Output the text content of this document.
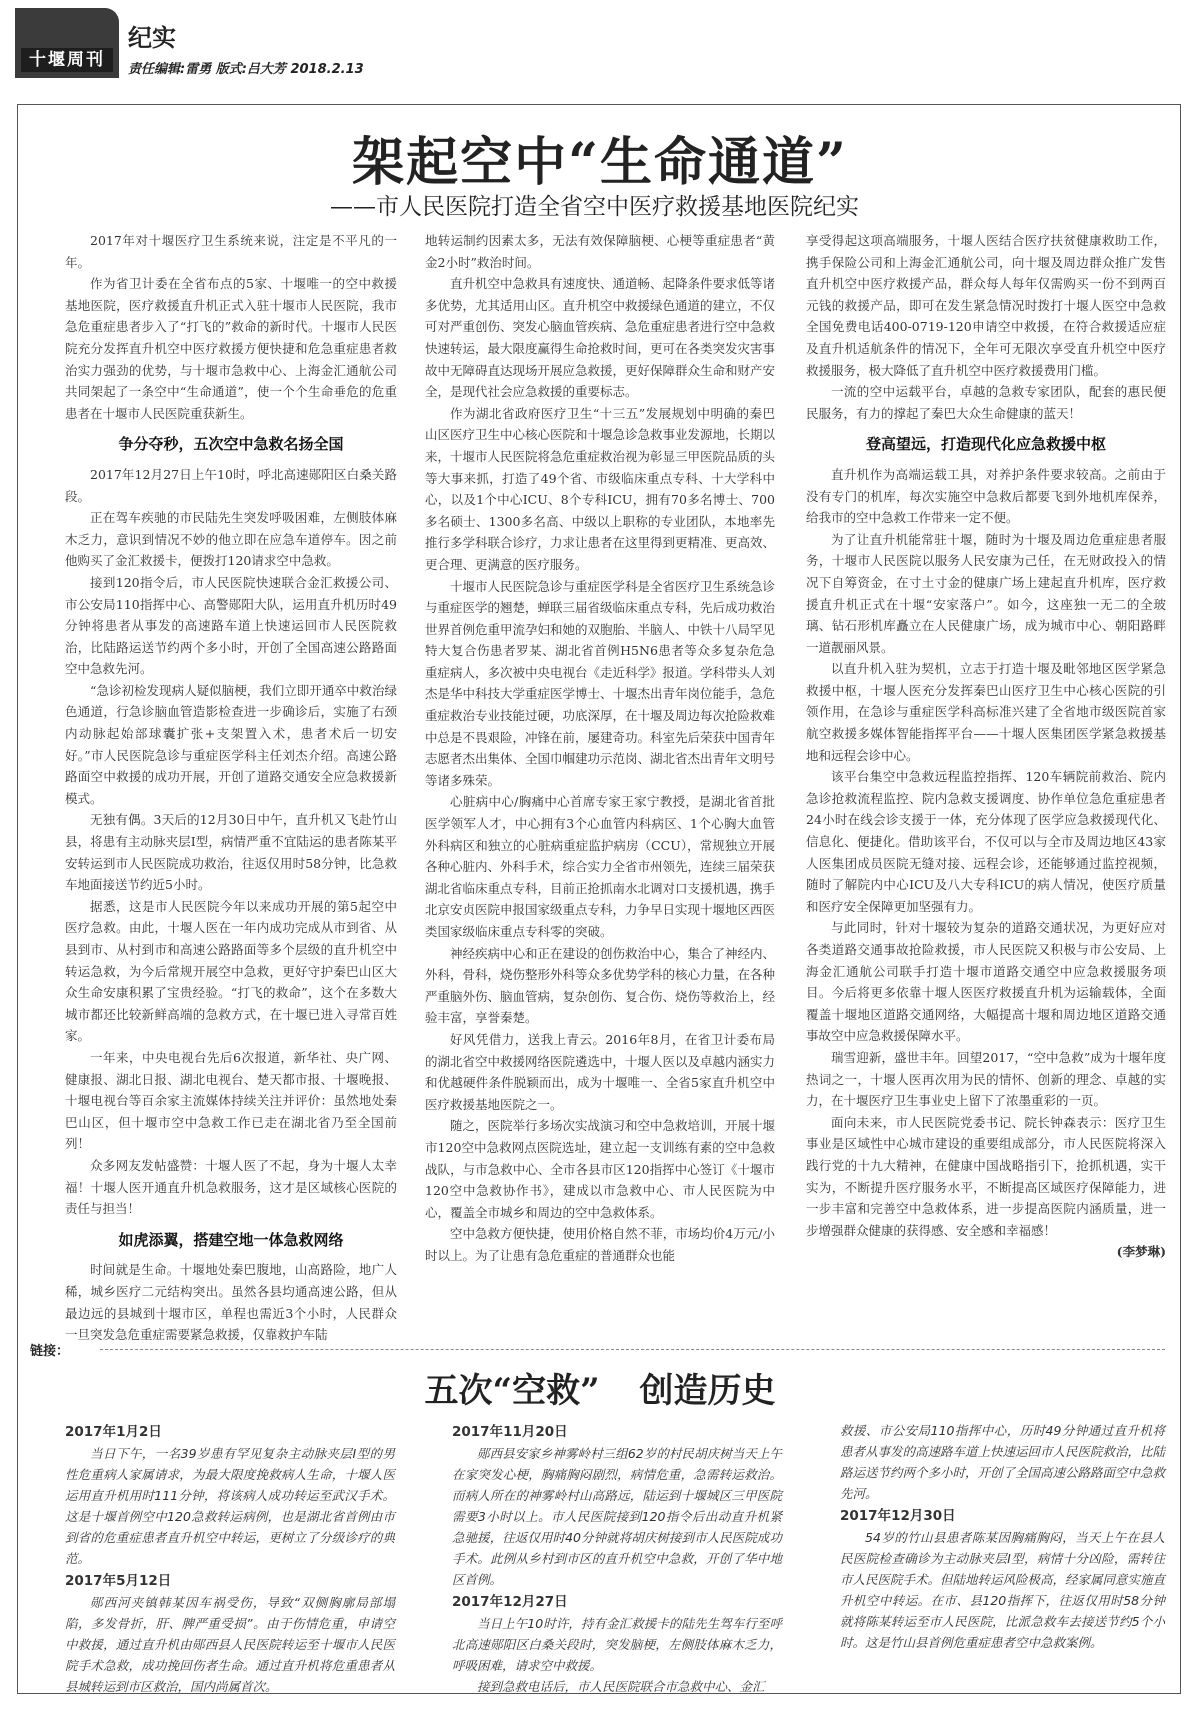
十堰周刊
纪实
责任编辑:雷勇 版式:吕大芳 2018.2.13
架起空中“生命通道”
——市人民医院打造全省空中医疗救援基地医院纪实

2017年对十堰医疗卫生系统来说，注定是不平凡的一年。

作为省卫计委在全省布点的5家、十堰唯一的空中救援基地医院，医疗救援直升机正式入驻十堰市人民医院，我市急危重症患者步入了“打飞的”救命的新时代。十堰市人民医院充分发挥直升机空中医疗救援方便快捷和危急重症患者救治实力强劲的优势，与十堰市急救中心、上海金汇通航公司共同架起了一条空中“生命通道”，使一个个生命垂危的危重患者在十堰市人民医院重获新生。

争分夺秒，五次空中急救名扬全国

2017年12月27日上午10时，呼北高速郧阳区白桑关路段。

正在驾车疾驰的市民陆先生突发呼吸困难，左侧肢体麻木乏力，意识到情况不妙的他立即在应急车道停车。因之前他购买了金汇救援卡，便拨打120请求空中急救。

接到120指令后，市人民医院快速联合金汇救援公司、市公安局110指挥中心、高警郧阳大队，运用直升机历时49分钟将患者从事发的高速路车道上快速运回市人民医院救治，比陆路运送节约两个多小时，开创了全国高速公路路面空中急救先河。

“急诊初检发现病人疑似脑梗，我们立即开通卒中救治绿色通道，行急诊脑血管造影检查进一步确诊后，实施了右颈内动脉起始部球囊扩张+支架置入术，患者术后一切安好。”市人民医院急诊与重症医学科主任刘杰介绍。高速公路路面空中救援的成功开展，开创了道路交通安全应急救援新模式。

无独有偶。3天后的12月30日中午，直升机又飞赴竹山县，将患有主动脉夹层Ⅰ型，病情严重不宜陆运的患者陈某平安转运到市人民医院成功救治，往返仅用时58分钟，比急救车地面接送节约近5小时。

据悉，这是市人民医院今年以来成功开展的第5起空中医疗急救。由此，十堰人医在一年内成功完成从市到省、从县到市、从村到市和高速公路路面等多个层级的直升机空中转运急救，为今后常规开展空中急救，更好守护秦巴山区大众生命安康积累了宝贵经验。“打飞的救命”，这个在多数大城市都还比较新鲜高端的急救方式，在十堰已进入寻常百姓家。

一年来，中央电视台先后6次报道，新华社、央广网、健康报、湖北日报、湖北电视台、楚天都市报、十堰晚报、十堰电视台等百余家主流媒体持续关注并评价：虽然地处秦巴山区，但十堰市空中急救工作已走在湖北省乃至全国前列！

众多网友发帖盛赞：十堰人医了不起，身为十堰人太幸福！十堰人医开通直升机急救服务，这才是区域核心医院的责任与担当！

如虎添翼，搭建空地一体急救网络

时间就是生命。十堰地处秦巴腹地，山高路险，地广人稀，城乡医疗二元结构突出。虽然各县均通高速公路，但从最边远的县城到十堰市区，单程也需近3个小时，人民群众一旦突发急危重症需要紧急救援，仅靠救护车陆

地转运制约因素太多，无法有效保障脑梗、心梗等重症患者“黄金2小时”救治时间。

直升机空中急救具有速度快、通道畅、起降条件要求低等诸多优势，尤其适用山区。直升机空中救援绿色通道的建立，不仅可对严重创伤、突发心脑血管疾病、急危重症患者进行空中急救快速转运，最大限度赢得生命抢救时间，更可在各类突发灾害事故中无障碍直达现场开展应急救援，更好保障群众生命和财产安全，是现代社会应急救援的重要标志。

作为湖北省政府医疗卫生“十三五”发展规划中明确的秦巴山区医疗卫生中心核心医院和十堰急诊急救事业发源地，长期以来，十堰市人民医院将急危重症救治视为彰显三甲医院品质的头等大事来抓，打造了49个省、市级临床重点专科、十大学科中心，以及1个中心ICU、8个专科ICU，拥有70多名博士、700多名硕士、1300多名高、中级以上职称的专业团队，本地率先推行多学科联合诊疗，力求让患者在这里得到更精准、更高效、更合理、更满意的医疗服务。

十堰市人民医院急诊与重症医学科是全省医疗卫生系统急诊与重症医学的翘楚，蝉联三届省级临床重点专科，先后成功救治世界首例危重甲流孕妇和她的双胞胎、半脑人、中铁十八局罕见特大复合伤患者罗某、湖北省首例H5N6患者等众多复杂危急重症病人，多次被中央电视台《走近科学》报道。学科带头人刘杰是华中科技大学重症医学博士、十堰杰出青年岗位能手，急危重症救治专业技能过硬，功底深厚，在十堰及周边每次抢险救难中总是不畏艰险，冲锋在前，屡建奇功。科室先后荣获中国青年志愿者杰出集体、全国巾帼建功示范岗、湖北省杰出青年文明号等诸多殊荣。

心脏病中心/胸痛中心首席专家王家宁教授，是湖北省首批医学领军人才，中心拥有3个心血管内科病区、1个心胸大血管外科病区和独立的心脏病重症监护病房（CCU），常规独立开展各种心脏内、外科手术，综合实力全省市州领先，连续三届荣获湖北省临床重点专科，目前正抢抓南水北调对口支援机遇，携手北京安贞医院申报国家级重点专科，力争早日实现十堰地区西医类国家级临床重点专科零的突破。

神经疾病中心和正在建设的创伤救治中心，集合了神经内、外科，骨科，烧伤整形外科等众多优势学科的核心力量，在各种严重脑外伤、脑血管病，复杂创伤、复合伤、烧伤等救治上，经验丰富，享誉秦楚。

好风凭借力，送我上青云。2016年8月，在省卫计委布局的湖北省空中救援网络医院遴选中，十堰人医以及卓越内涵实力和优越硬件条件脱颖而出，成为十堰唯一、全省5家直升机空中医疗救援基地医院之一。

随之，医院举行多场次实战演习和空中急救培训，开展十堰市120空中急救网点医院选址，建立起一支训练有素的空中急救战队，与市急救中心、全市各县市区120指挥中心签订《十堰市120空中急救协作书》，建成以市急救中心、市人民医院为中心，覆盖全市城乡和周边的空中急救体系。

空中急救方便快捷，使用价格自然不菲，市场均价4万元/小时以上。为了让患有急危重症的普通群众也能

享受得起这项高端服务，十堰人医结合医疗扶贫健康救助工作，携手保险公司和上海金汇通航公司，向十堰及周边群众推广发售直升机空中医疗救援产品，群众每人每年仅需购买一份不到两百元钱的救援产品，即可在发生紧急情况时拨打十堰人医空中急救全国免费电话400-0719-120申请空中救援，在符合救援适应症及直升机适航条件的情况下，全年可无限次享受直升机空中医疗救援服务，极大降低了直升机空中医疗救援费用门槛。

一流的空中运载平台，卓越的急救专家团队，配套的惠民便民服务，有力的撑起了秦巴大众生命健康的蓝天！

登高望远，打造现代化应急救援中枢

直升机作为高端运载工具，对养护条件要求较高。之前由于没有专门的机库，每次实施空中急救后都要飞到外地机库保养，给我市的空中急救工作带来一定不便。

为了让直升机能常驻十堰，随时为十堰及周边危重症患者服务，十堰市人民医院以服务人民安康为己任，在无财政投入的情况下自筹资金，在寸土寸金的健康广场上建起直升机库，医疗救援直升机正式在十堰“安家落户”。如今，这座独一无二的全玻璃、钻石形机库矗立在人民健康广场，成为城市中心、朝阳路畔一道靓丽风景。

以直升机入驻为契机，立志于打造十堰及毗邻地区医学紧急救援中枢，十堰人医充分发挥秦巴山医疗卫生中心核心医院的引领作用，在急诊与重症医学科高标准兴建了全省地市级医院首家航空救援多媒体智能指挥平台——十堰人医集团医学紧急救援基地和远程会诊中心。

该平台集空中急救远程监控指挥、120车辆院前救治、院内急诊抢救流程监控、院内急救支援调度、协作单位急危重症患者24小时在线会诊支援于一体，充分体现了医学应急救援现代化、信息化、便捷化。借助该平台，不仅可以与全市及周边地区43家人医集团成员医院无缝对接、远程会诊，还能够通过监控视频，随时了解院内中心ICU及八大专科ICU的病人情况，使医疗质量和医疗安全保障更加坚强有力。

与此同时，针对十堰较为复杂的道路交通状况，为更好应对各类道路交通事故抢险救援，市人民医院又积极与市公安局、上海金汇通航公司联手打造十堰市道路交通空中应急救援服务项目。今后将更多依靠十堰人医医疗救援直升机为运输载体，全面覆盖十堰地区道路交通网络，大幅提高十堰和周边地区道路交通事故空中应急救援保障水平。

瑞雪迎新，盛世丰年。回望2017，“空中急救”成为十堰年度热词之一，十堰人医再次用为民的情怀、创新的理念、卓越的实力，在十堰医疗卫生事业史上留下了浓墨重彩的一页。

面向未来，市人民医院党委书记、院长钟森表示：医疗卫生事业是区域性中心城市建设的重要组成部分，市人民医院将深入践行党的十九大精神，在健康中国战略指引下，抢抓机遇，实干实为，不断提升医疗服务水平，不断提高区域医疗保障能力，进一步丰富和完善空中急救体系，进一步提高医院内涵质量，进一步增强群众健康的获得感、安全感和幸福感！

(李梦琳)

链接：
五次“空救” 创造历史

2017年1月2日

当日下午，一名39岁患有罕见复杂主动脉夹层Ⅰ型的男性危重病人家属请求，为最大限度挽救病人生命，十堰人医运用直升机用时111分钟，将该病人成功转运至武汉手术。这是十堰首例空中120急救转运病例，也是湖北省首例由市到省的危重症患者直升机空中转运，更树立了分级诊疗的典范。

2017年5月12日

郧西河夹镇韩某因车祸受伤，导致“双侧胸廓局部塌陷，多发骨折，肝、脾严重受损”。由于伤情危重，申请空中救援，通过直升机由郧西县人民医院转运至十堰市人民医院手术急救，成功挽回伤者生命。通过直升机将危重患者从县城转运到市区救治，国内尚属首次。

2017年11月20日

郧西县安家乡神雾岭村三组62岁的村民胡庆树当天上午在家突发心梗，胸痛胸闷剧烈，病情危重，急需转运救治。而病人所在的神雾岭村山高路远，陆运到十堰城区三甲医院需要3小时以上。市人民医院接到120指令后出动直升机紧急驰援，往返仅用时40分钟就将胡庆树接到市人民医院成功手术。此例从乡村到市区的直升机空中急救，开创了华中地区首例。

2017年12月27日

当日上午10时许，持有金汇救援卡的陆先生驾车行至呼北高速郧阳区白桑关段时，突发脑梗，左侧肢体麻木乏力，呼吸困难，请求空中救援。

接到急救电话后，市人民医院联合市急救中心、金汇

救援、市公安局110指挥中心，历时49分钟通过直升机将患者从事发的高速路车道上快速运回市人民医院救治，比陆路运送节约两个多小时，开创了全国高速公路路面空中急救先河。

2017年12月30日

54岁的竹山县患者陈某因胸痛胸闷，当天上午在县人民医院检查确诊为主动脉夹层Ⅰ型，病情十分凶险，需转往市人民医院手术。但陆地转运风险极高，经家属同意实施直升机空中转运。在市、县120指挥下，往返仅用时58分钟就将陈某转运至市人民医院，比派急救车去接送节约5个小时。这是竹山县首例危重症患者空中急救案例。
